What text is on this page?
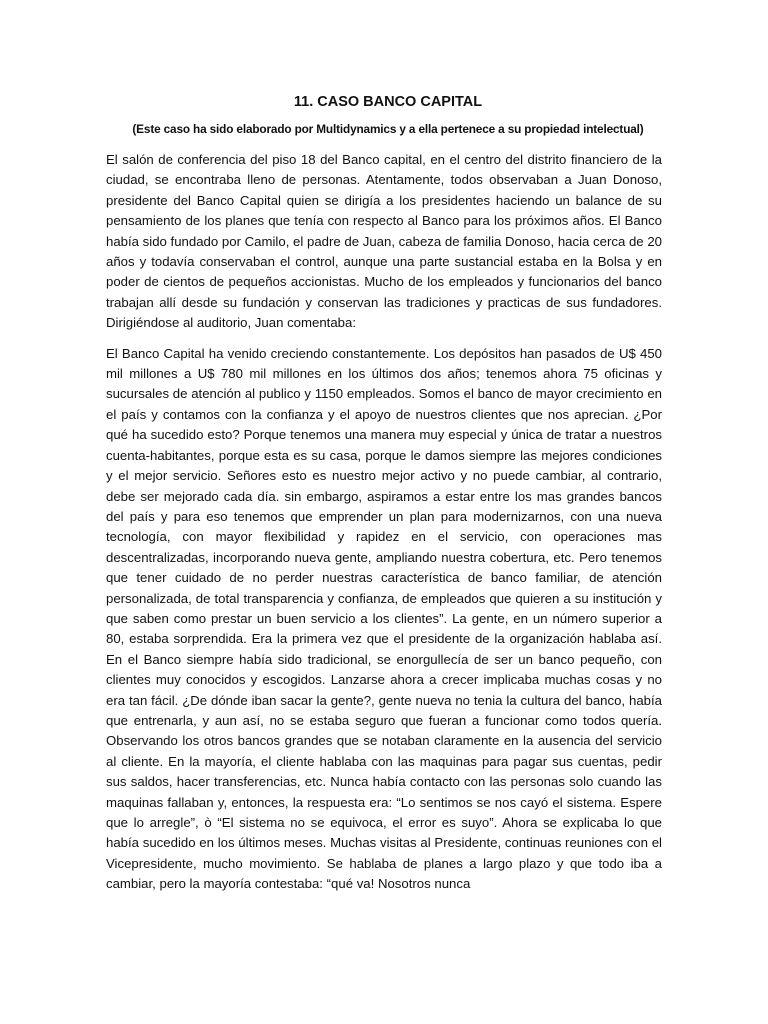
11. CASO BANCO CAPITAL

(Este caso ha sido elaborado por Multidynamics y a ella pertenece a su propiedad intelectual)

El salón de conferencia del piso 18 del Banco capital, en el centro del distrito financiero de la ciudad, se encontraba lleno de personas. Atentamente, todos observaban a Juan Donoso, presidente del Banco Capital quien se dirigía a los presidentes haciendo un balance de su pensamiento de los planes que tenía con respecto al Banco para los próximos años. El Banco había sido fundado por Camilo, el padre de Juan, cabeza de familia Donoso, hacia cerca de 20 años y todavía conservaban el control, aunque una parte sustancial estaba en la Bolsa y en poder de cientos de pequeños accionistas. Mucho de los empleados y funcionarios del banco trabajan allí desde su fundación y conservan las tradiciones y practicas de sus fundadores. Dirigiéndose al auditorio, Juan comentaba:

El Banco Capital ha venido creciendo constantemente. Los depósitos han pasados de U$ 450 mil millones a U$ 780 mil millones en los últimos dos años; tenemos ahora 75 oficinas y sucursales de atención al publico y 1150 empleados. Somos el banco de mayor crecimiento en el país y contamos con la confianza y el apoyo de nuestros clientes que nos aprecian. ¿Por qué ha sucedido esto? Porque tenemos una manera muy especial y única de tratar a nuestros cuenta-habitantes, porque esta es su casa, porque le damos siempre las mejores condiciones y el mejor servicio. Señores esto es nuestro mejor activo y no puede cambiar, al contrario, debe ser mejorado cada día. sin embargo, aspiramos a estar entre los mas grandes bancos del país y para eso tenemos que emprender un plan para modernizarnos, con una nueva tecnología, con mayor flexibilidad y rapidez en el servicio, con operaciones mas descentralizadas, incorporando nueva gente, ampliando nuestra cobertura, etc. Pero tenemos que tener cuidado de no perder nuestras característica de banco familiar, de atención personalizada, de total transparencia y confianza, de empleados que quieren a su institución y que saben como prestar un buen servicio a los clientes”. La gente, en un número superior a 80, estaba sorprendida. Era la primera vez que el presidente de la organización hablaba así. En el Banco siempre había sido tradicional, se enorgullecía de ser un banco pequeño, con clientes muy conocidos y escogidos. Lanzarse ahora a crecer implicaba muchas cosas y no era tan fácil. ¿De dónde iban sacar la gente?, gente nueva no tenia la cultura del banco, había que entrenarla, y aun así, no se estaba seguro que fueran a funcionar como todos quería. Observando los otros bancos grandes que se notaban claramente en la ausencia del servicio al cliente. En la mayoría, el cliente hablaba con las maquinas para pagar sus cuentas, pedir sus saldos, hacer transferencias, etc. Nunca había contacto con las personas solo cuando las maquinas fallaban y, entonces, la respuesta era: “Lo sentimos se nos cayó el sistema. Espere que lo arregle”, ò “El sistema no se equivoca, el error es suyo”. Ahora se explicaba lo que había sucedido en los últimos meses. Muchas visitas al Presidente, continuas reuniones con el Vicepresidente, mucho movimiento. Se hablaba de planes a largo plazo y que todo iba a cambiar, pero la mayoría contestaba: “qué va! Nosotros nunca
